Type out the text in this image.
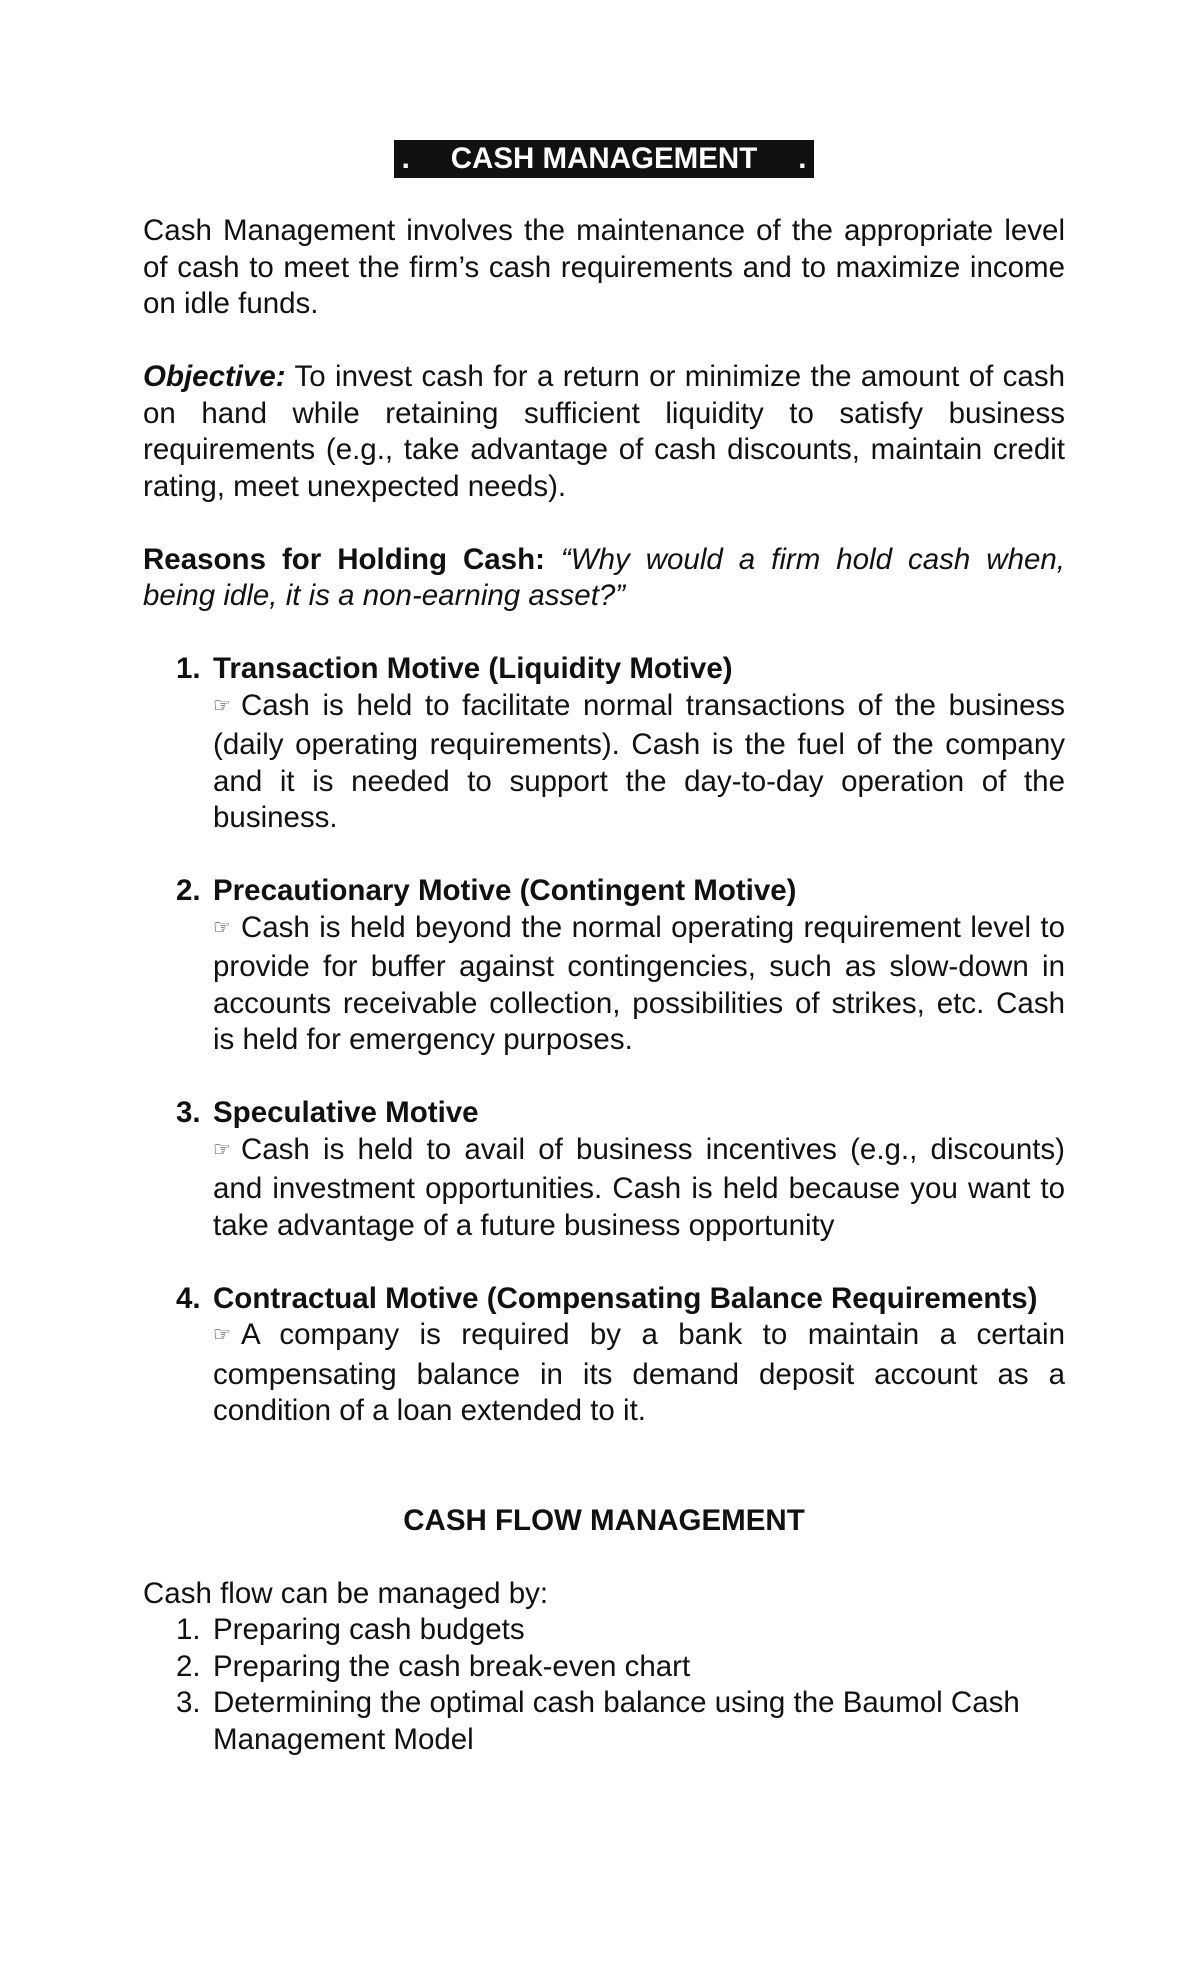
.     CASH MANAGEMENT     .

Cash Management involves the maintenance of the appropriate level of cash to meet the firm’s cash requirements and to maximize income on idle funds.

Objective: To invest cash for a return or minimize the amount of cash on hand while retaining sufficient liquidity to satisfy business requirements (e.g., take advantage of cash discounts, maintain credit rating, meet unexpected needs).

Reasons for Holding Cash: “Why would a firm hold cash when, being idle, it is a non-earning asset?”

1. Transaction Motive (Liquidity Motive)
☞ Cash is held to facilitate normal transactions of the business (daily operating requirements). Cash is the fuel of the company and it is needed to support the day-to-day operation of the business.
2. Precautionary Motive (Contingent Motive)
☞ Cash is held beyond the normal operating requirement level to provide for buffer against contingencies, such as slow-down in accounts receivable collection, possibilities of strikes, etc. Cash is held for emergency purposes.
3. Speculative Motive
☞ Cash is held to avail of business incentives (e.g., discounts) and investment opportunities. Cash is held because you want to take advantage of a future business opportunity
4. Contractual Motive (Compensating Balance Requirements)
☞ A company is required by a bank to maintain a certain compensating balance in its demand deposit account as a condition of a loan extended to it.
CASH FLOW MANAGEMENT
Cash flow can be managed by:
1. Preparing cash budgets
2. Preparing the cash break-even chart
3. Determining the optimal cash balance using the Baumol Cash Management Model
